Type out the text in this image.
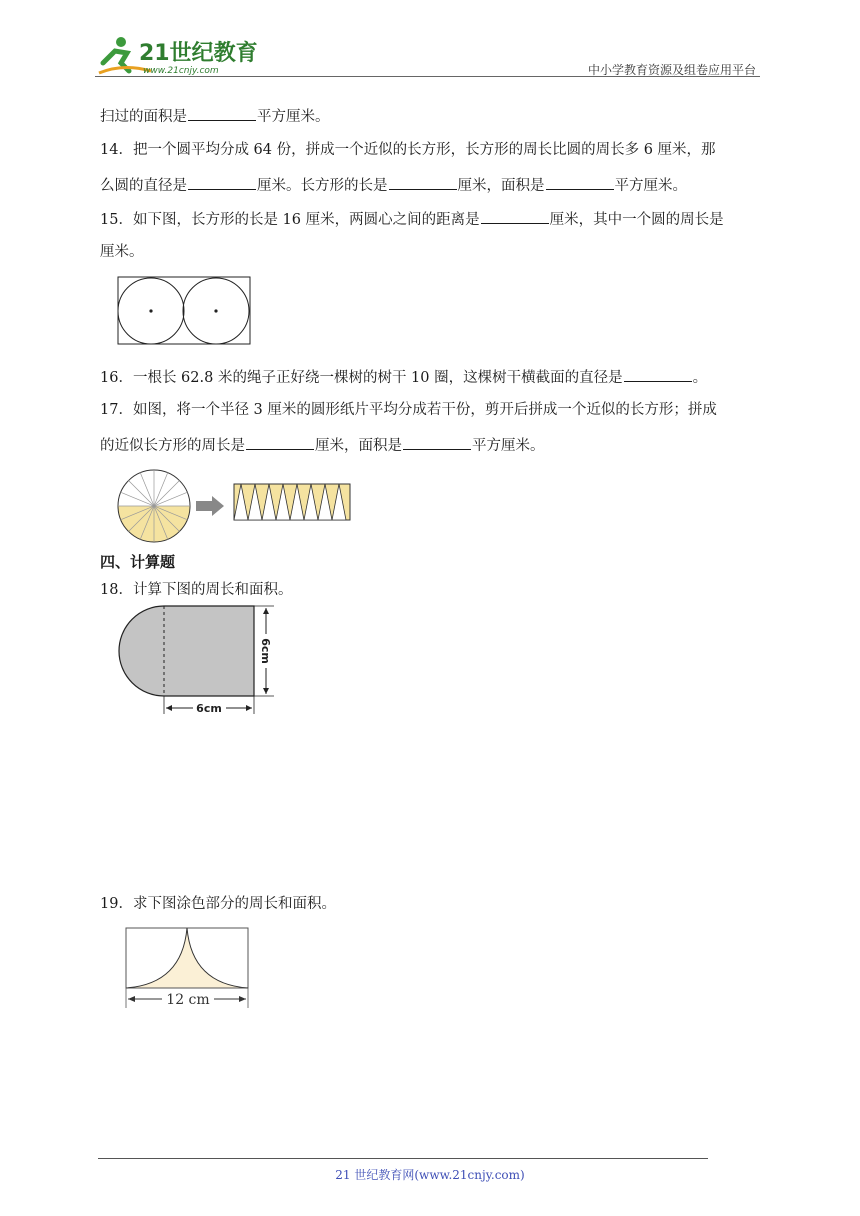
21世纪教育
www.21cnjy.com	中小学教育资源及组卷应用平台
扫过的面积是	平方厘米。
14．把一个圆平均分成 64 份，拼成一个近似的长方形，长方形的周长比圆的周长多 6 厘米，那
么圆的直径是	厘米。长方形的长是	厘米，面积是	平方厘米。
15．如下图，长方形的长是 16 厘米，两圆心之间的距离是	厘米，其中一个圆的周长是
厘米。
16．一根长 62.8 米的绳子正好绕一棵树的树干 10 圈，这棵树干横截面的直径是	。
17．如图，将一个半径 3 厘米的圆形纸片平均分成若干份，剪开后拼成一个近似的长方形；拼成
的近似长方形的周长是	厘米，面积是	平方厘米。
四、计算题
18．计算下图的周长和面积。
6cm
6cm
19．求下图涂色部分的周长和面积。
12 cm
21 世纪教育网(www.21cnjy.com)
